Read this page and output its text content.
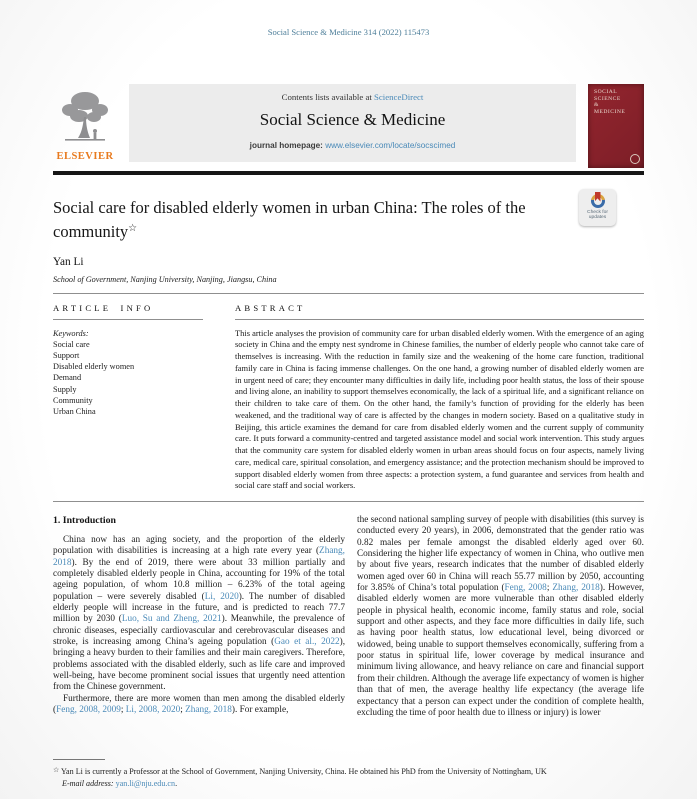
Social Science & Medicine 314 (2022) 115473
ELSEVIER
Contents lists available at ScienceDirect
Social Science & Medicine
journal homepage: www.elsevier.com/locate/socscimed
SOCIAL
SCIENCE
&
MEDICINE
Social care for disabled elderly women in urban China: The roles of the community☆
Check for
updates
Yan Li
School of Government, Nanjing University, Nanjing, Jiangsu, China
ARTICLE INFO
Keywords:
Social care
Support
Disabled elderly women
Demand
Supply
Community
Urban China
ABSTRACT
This article analyses the provision of community care for urban disabled elderly women. With the emergence of an aging society in China and the empty nest syndrome in Chinese families, the number of elderly people who cannot take care of themselves is increasing. With the reduction in family size and the weakening of the home care function, traditional family care in China is facing immense challenges. On the one hand, a growing number of disabled elderly women are in urgent need of care; they encounter many difficulties in daily life, including poor health status, the loss of their spouse and living alone, an inability to support themselves economically, the lack of a spiritual life, and a significant reliance on their children to take care of them. On the other hand, the family’s function of providing for the elderly has been weakened, and the traditional way of care is affected by the changes in modern society. Based on a qualitative study in Beijing, this article examines the demand for care from disabled elderly women and the current supply of community care. It puts forward a community-centred and targeted assistance model and social work intervention. This study argues that the community care system for disabled elderly women in urban areas should focus on four aspects, namely living care, medical care, spiritual consolation, and emergency assistance; and the protection mechanism should be improved to support disabled elderly women from three aspects: a protection system, a fund guarantee and services from health and social care staff and social workers.
1. Introduction

China now has an aging society, and the proportion of the elderly population with disabilities is increasing at a high rate every year (Zhang, 2018). By the end of 2019, there were about 33 million partially and completely disabled elderly people in China, accounting for 19% of the total ageing population, of whom 10.8 million – 6.23% of the total ageing population – were severely disabled (Li, 2020). The number of disabled elderly people will increase in the future, and is predicted to reach 77.7 million by 2030 (Luo, Su and Zheng, 2021). Meanwhile, the prevalence of chronic diseases, especially cardiovascular and cerebrovascular diseases and stroke, is increasing among China’s ageing population (Gao et al., 2022), bringing a heavy burden to their families and their main caregivers. Therefore, problems associated with the disabled elderly, such as life care and improved well-being, have become prominent social issues that urgently need attention from the Chinese government.

Furthermore, there are more women than men among the disabled elderly (Feng, 2008, 2009; Li, 2008, 2020; Zhang, 2018). For example,

the second national sampling survey of people with disabilities (this survey is conducted every 20 years), in 2006, demonstrated that the gender ratio was 0.82 males per female amongst the disabled elderly aged over 60. Considering the higher life expectancy of women in China, who outlive men by about five years, research indicates that the number of disabled elderly women aged over 60 in China will reach 55.77 million by 2050, accounting for 3.85% of China’s total population (Feng, 2008; Zhang, 2018). However, disabled elderly women are more vulnerable than other disabled elderly people in physical health, economic income, family status and role, social support and other aspects, and they face more difficulties in daily life, such as having poor health status, low educational level, being divorced or widowed, being unable to support themselves economically, suffering from a poor status in spiritual life, lower coverage by medical insurance and minimum living allowance, and heavy reliance on care and financial support from their children. Although the average life expectancy of women is higher than that of men, the average healthy life expectancy (the average life expectancy that a person can expect under the condition of complete health, excluding the time of poor health due to illness or injury) is lower

☆ Yan Li is currently a Professor at the School of Government, Nanjing University, China. He obtained his PhD from the University of Nottingham, UK
E-mail address: yan.li@nju.edu.cn.
